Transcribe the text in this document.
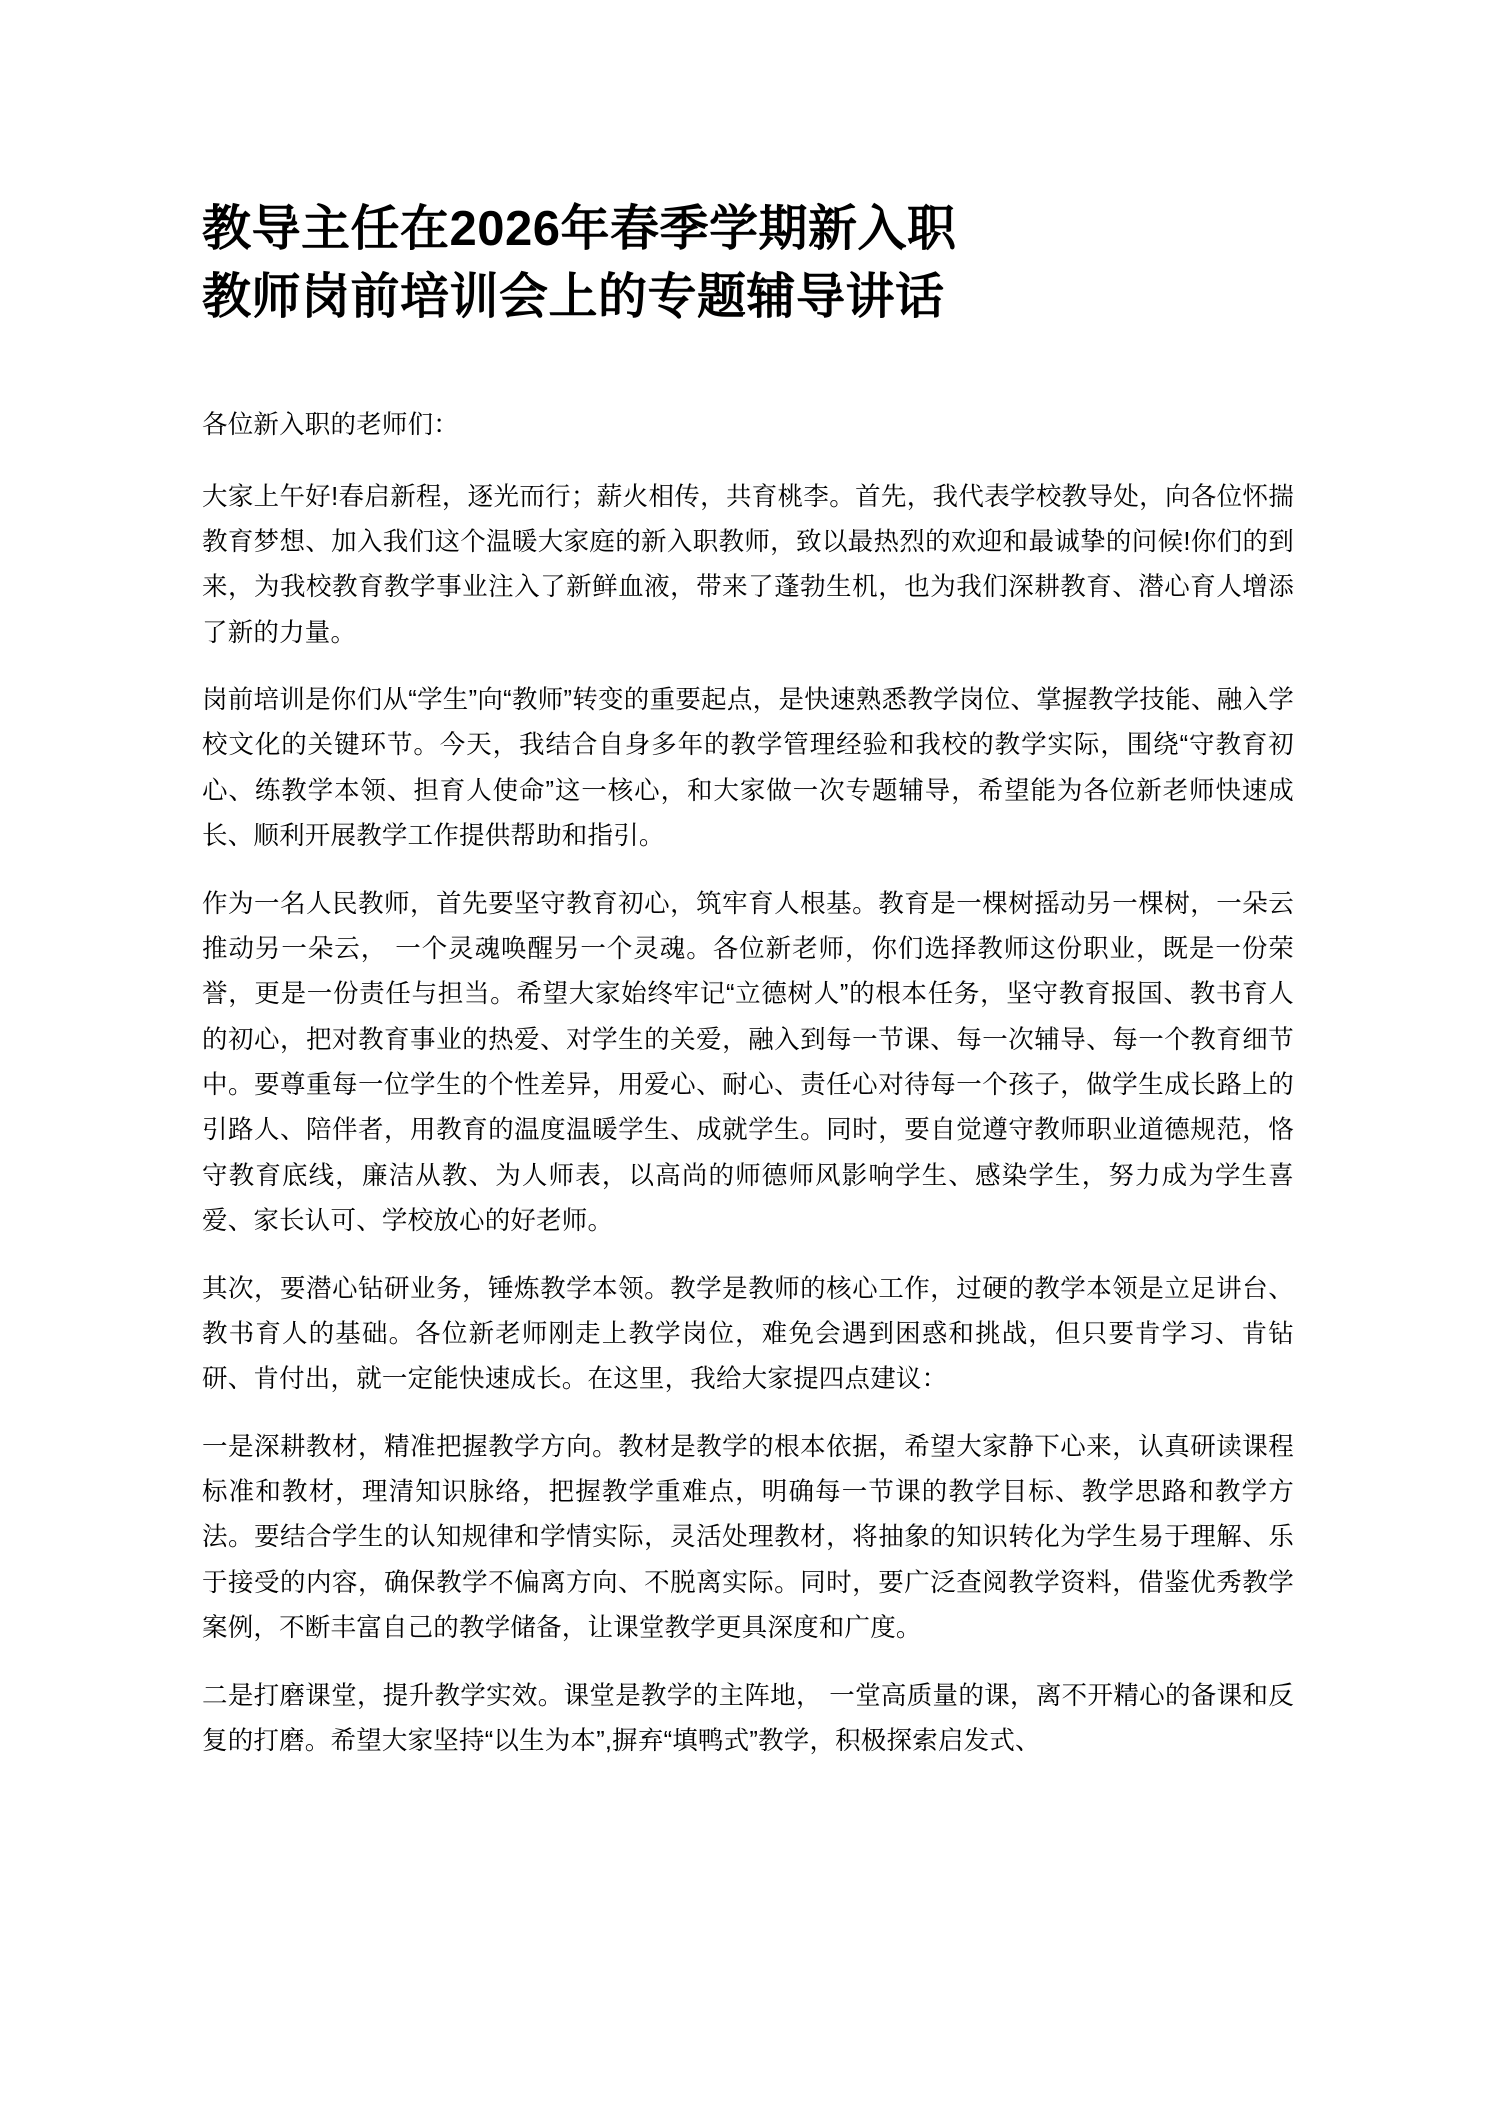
教导主任在2026年春季学期新入职
教师岗前培训会上的专题辅导讲话

各位新入职的老师们：

大家上午好!春启新程，逐光而行；薪火相传，共育桃李。首先，我代表学校教导处，向各位怀揣教育梦想、加入我们这个温暖大家庭的新入职教师，致以最热烈的欢迎和最诚挚的问候!你们的到来，为我校教育教学事业注入了新鲜血液，带来了蓬勃生机，也为我们深耕教育、潜心育人增添了新的力量。

岗前培训是你们从“学生”向“教师”转变的重要起点，是快速熟悉教学岗位、掌握教学技能、融入学校文化的关键环节。今天，我结合自身多年的教学管理经验和我校的教学实际，围绕“守教育初心、练教学本领、担育人使命”这一核心，和大家做一次专题辅导，希望能为各位新老师快速成长、顺利开展教学工作提供帮助和指引。

作为一名人民教师，首先要坚守教育初心，筑牢育人根基。教育是一棵树摇动另一棵树，一朵云推动另一朵云， 一个灵魂唤醒另一个灵魂。各位新老师，你们选择教师这份职业，既是一份荣誉，更是一份责任与担当。希望大家始终牢记“立德树人”的根本任务，坚守教育报国、教书育人的初心，把对教育事业的热爱、对学生的关爱，融入到每一节课、每一次辅导、每一个教育细节中。要尊重每一位学生的个性差异，用爱心、耐心、责任心对待每一个孩子，做学生成长路上的引路人、陪伴者，用教育的温度温暖学生、成就学生。同时，要自觉遵守教师职业道德规范，恪守教育底线，廉洁从教、为人师表，以高尚的师德师风影响学生、感染学生，努力成为学生喜爱、家长认可、学校放心的好老师。

其次，要潜心钻研业务，锤炼教学本领。教学是教师的核心工作，过硬的教学本领是立足讲台、教书育人的基础。各位新老师刚走上教学岗位，难免会遇到困惑和挑战，但只要肯学习、肯钻研、肯付出，就一定能快速成长。在这里，我给大家提四点建议：

一是深耕教材，精准把握教学方向。教材是教学的根本依据，希望大家静下心来，认真研读课程标准和教材，理清知识脉络，把握教学重难点，明确每一节课的教学目标、教学思路和教学方法。要结合学生的认知规律和学情实际，灵活处理教材，将抽象的知识转化为学生易于理解、乐于接受的内容，确保教学不偏离方向、不脱离实际。同时，要广泛查阅教学资料，借鉴优秀教学案例，不断丰富自己的教学储备，让课堂教学更具深度和广度。

二是打磨课堂，提升教学实效。课堂是教学的主阵地， 一堂高质量的课，离不开精心的备课和反复的打磨。希望大家坚持“以生为本”,摒弃“填鸭式”教学，积极探索启发式、
